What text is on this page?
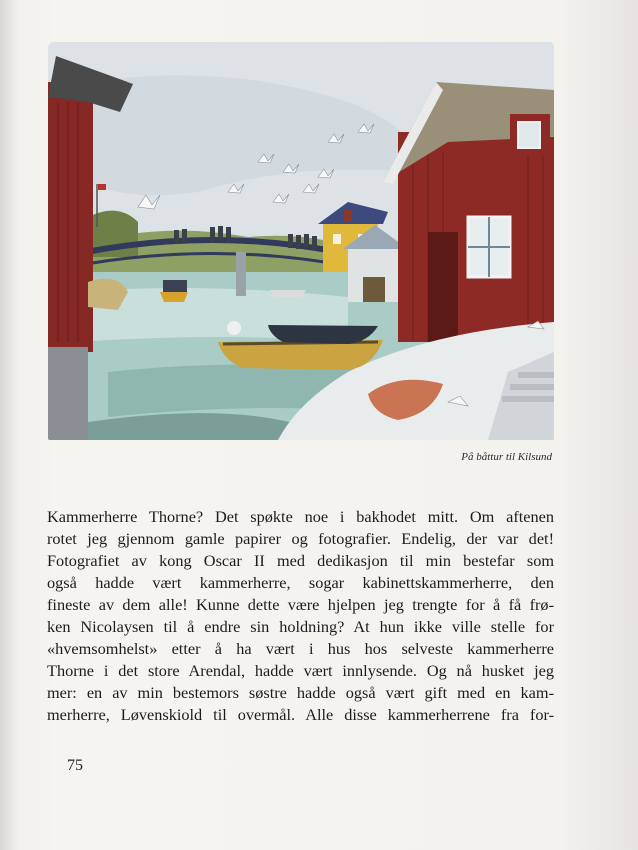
På båttur til Kilsund
Kammerherre Thorne? Det spøkte noe i bakhodet mitt. Om aftenen
rotet jeg gjennom gamle papirer og fotografier. Endelig, der var det!
Fotografiet av kong Oscar II med dedikasjon til min bestefar som
også hadde vært kammerherre, sogar kabinettskammerherre, den
fineste av dem alle! Kunne dette være hjelpen jeg trengte for å få frø-
ken Nicolaysen til å endre sin holdning? At hun ikke ville stelle for
«hvemsomhelst» etter å ha vært i hus hos selveste kammerherre
Thorne i det store Arendal, hadde vært innlysende. Og nå husket jeg
mer: en av min bestemors søstre hadde også vært gift med en kam-
merherre, Løvenskiold til overmål. Alle disse kammerherrene fra for-
75
